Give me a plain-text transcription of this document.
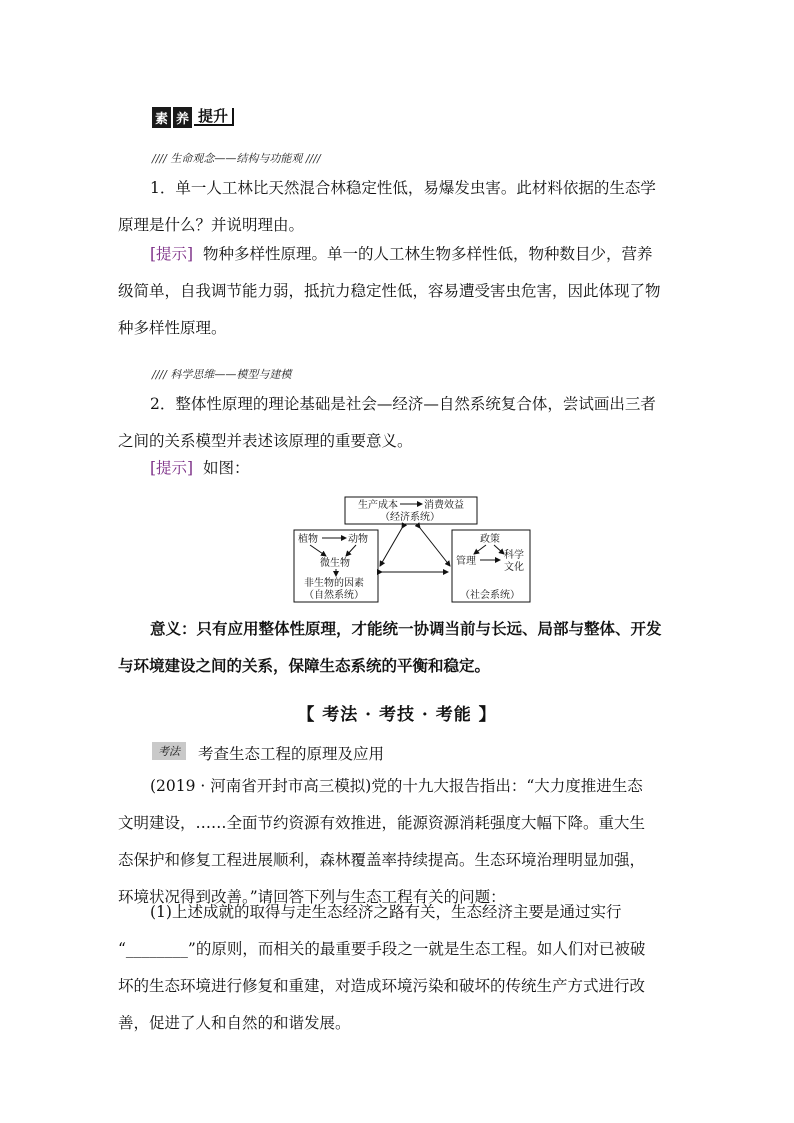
素 养 提升
//// 生命观念——结构与功能观 ////
1．单一人工林比天然混合林稳定性低，易爆发虫害。此材料依据的生态学
原理是什么？并说明理由。
[提示] 物种多样性原理。单一的人工林生物多样性低，物种数目少，营养
级简单，自我调节能力弱，抵抗力稳定性低，容易遭受害虫危害，因此体现了物
种多样性原理。
//// 科学思维——模型与建模
2．整体性原理的理论基础是社会—经济—自然系统复合体，尝试画出三者
之间的关系模型并表述该原理的重要意义。
[提示] 如图：
生产成本	消费效益
（经济系统）
植物	动物
微生物
非生物的因素
（自然系统）
政策
管理
科学
文化
（社会系统）
意义：只有应用整体性原理，才能统一协调当前与长远、局部与整体、开发
与环境建设之间的关系，保障生态系统的平衡和稳定。
【 考法 · 考技 · 考能 】
考法	考查生态工程的原理及应用
(2019 · 河南省开封市高三模拟)党的十九大报告指出：“大力度推进生态
文明建设，……全面节约资源有效推进，能源资源消耗强度大幅下降。重大生
态保护和修复工程进展顺利，森林覆盖率持续提高。生态环境治理明显加强，
环境状况得到改善。”请回答下列与生态工程有关的问题：
(1)上述成就的取得与走生态经济之路有关，生态经济主要是通过实行
“________”的原则，而相关的最重要手段之一就是生态工程。如人们对已被破
坏的生态环境进行修复和重建，对造成环境污染和破坏的传统生产方式进行改
善，促进了人和自然的和谐发展。
